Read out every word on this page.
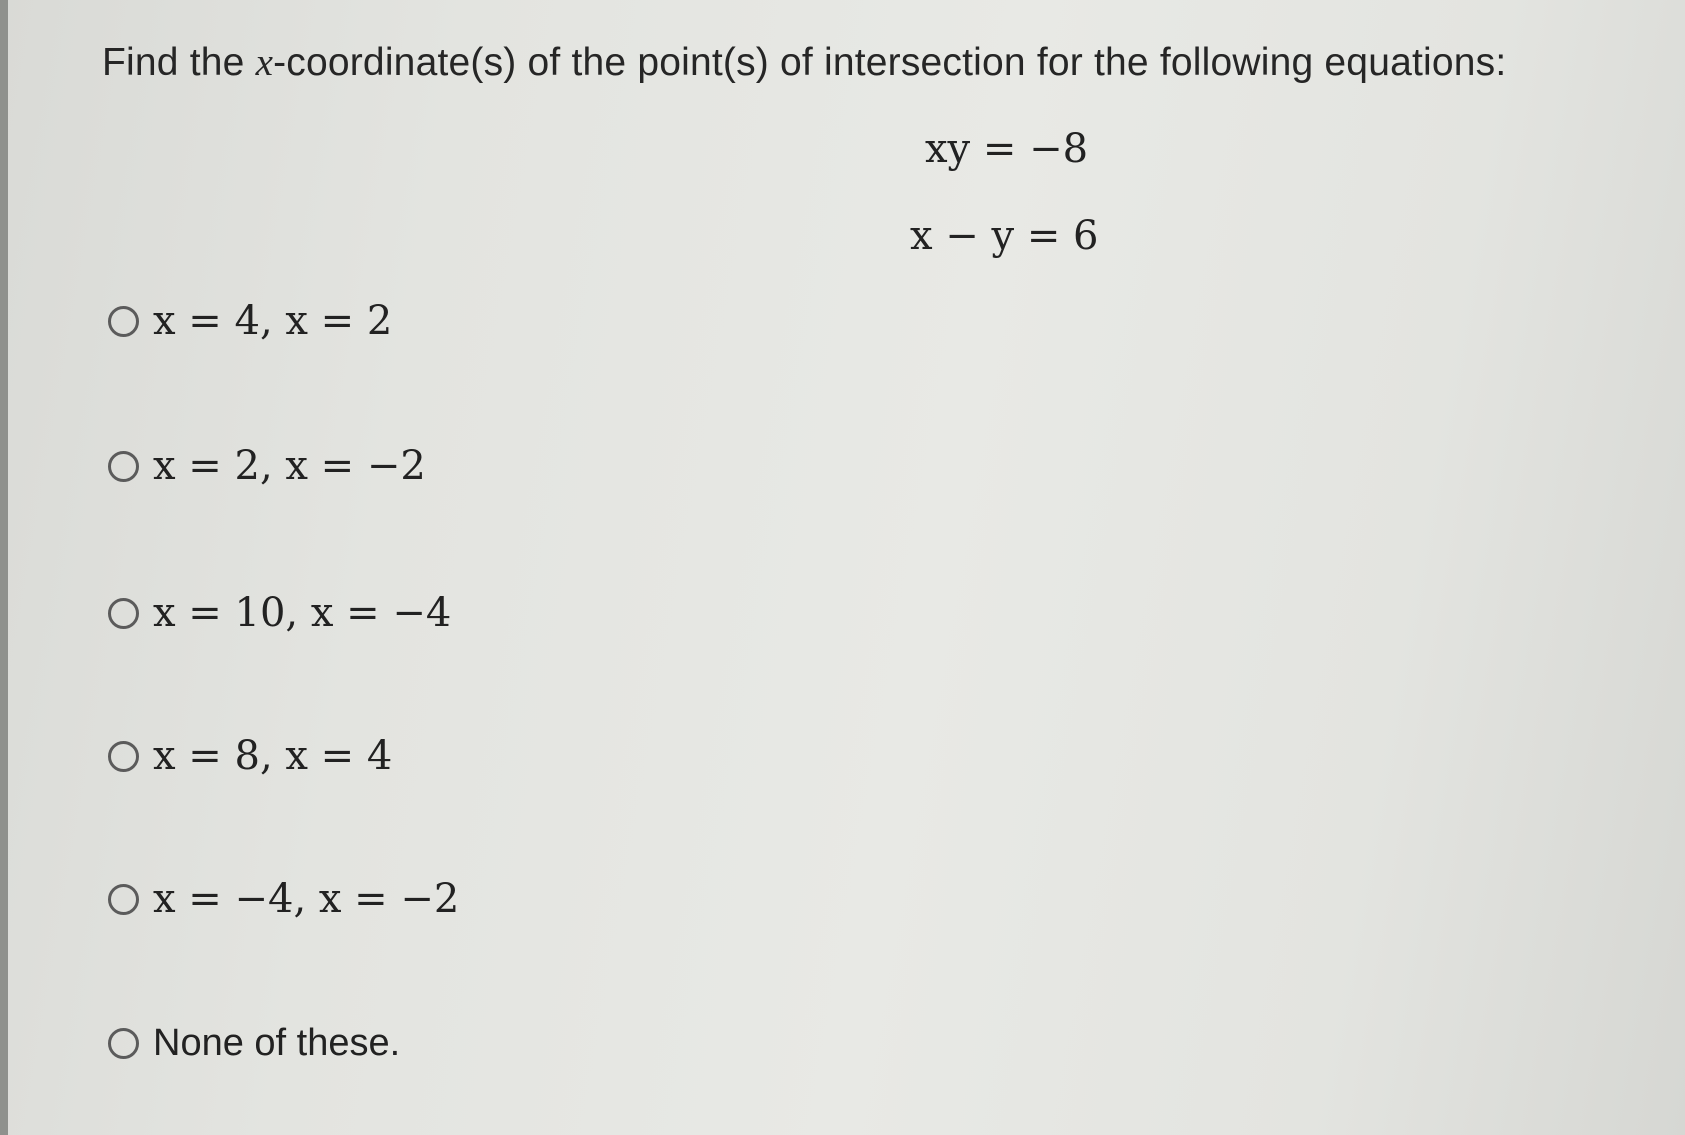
Find the x-coordinate(s) of the point(s) of intersection for the following equations:
xy = −8
x − y = 6
x = 4, x = 2
x = 2, x = −2
x = 10, x = −4
x = 8, x = 4
x = −4, x = −2
None of these.
